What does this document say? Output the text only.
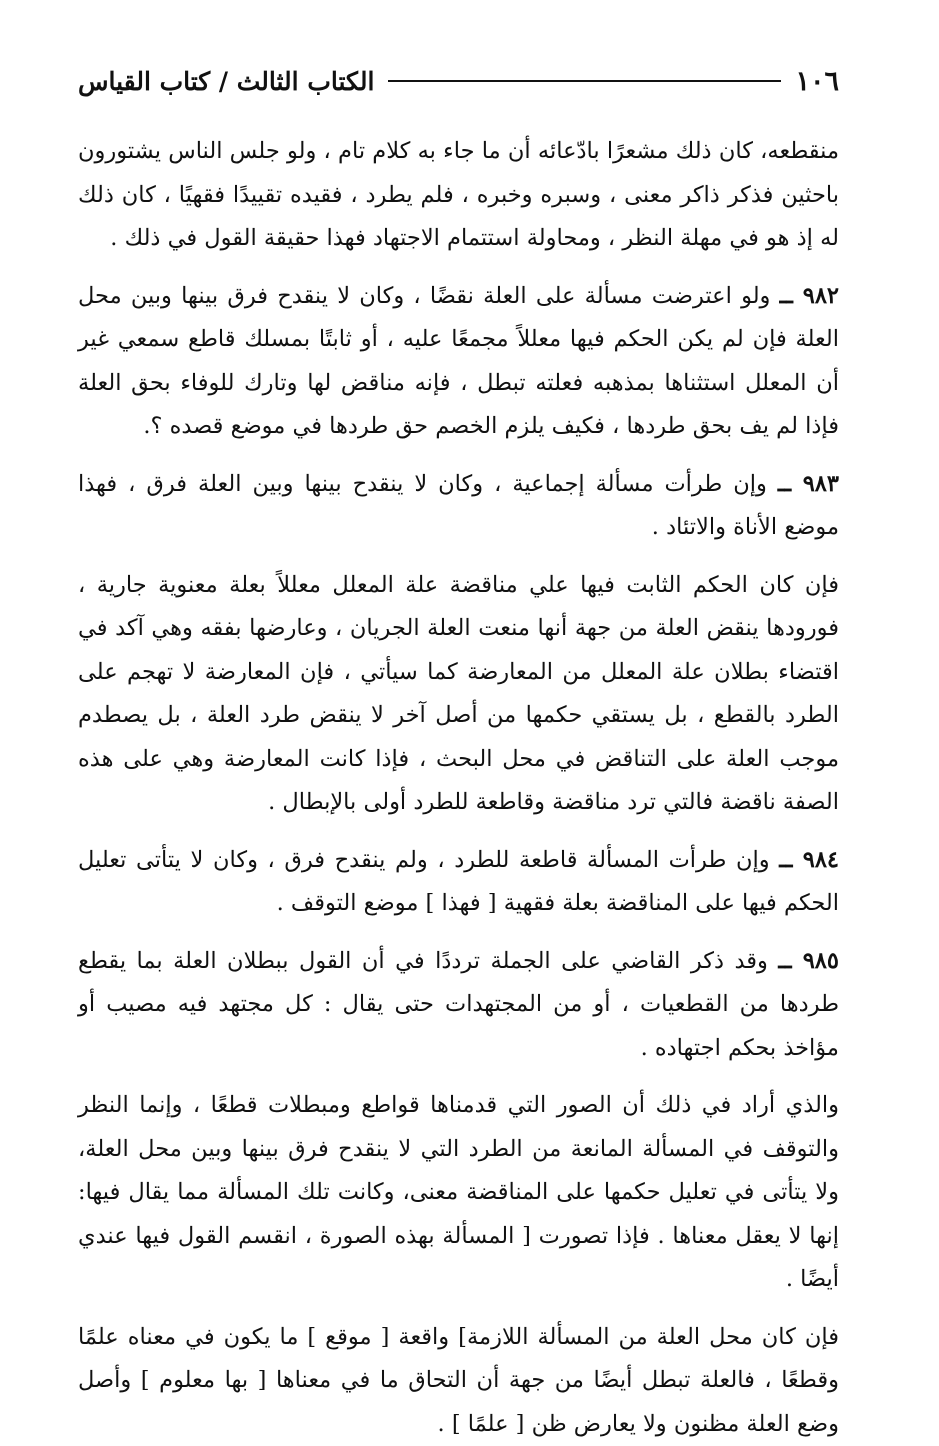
١٠٦
الكتاب الثالث / كتاب القياس

منقطعه، كان ذلك مشعرًا بادّعائه أن ما جاء به كلام تام ، ولو جلس الناس يشتورون باحثين فذكر ذاكر معنى ، وسبره وخبره ، فلم يطرد ، فقيده تقييدًا فقهيًا ، كان ذلك له إذ هو في مهلة النظر ، ومحاولة استتمام الاجتهاد فهذا حقيقة القول في ذلك .

٩٨٢ ــ ولو اعترضت مسألة على العلة نقضًا ، وكان لا ينقدح فرق بينها وبين محل العلة فإن لم يكن الحكم فيها معللاً مجمعًا عليه ، أو ثابتًا بمسلك قاطع سمعي غير أن المعلل استثناها بمذهبه فعلته تبطل ، فإنه مناقض لها وتارك للوفاء بحق العلة فإذا لم يف بحق طردها ، فكيف يلزم الخصم حق طردها في موضع قصده ؟.

٩٨٣ ــ وإن طرأت مسألة إجماعية ، وكان لا ينقدح بينها وبين العلة فرق ، فهذا موضع الأناة والاتئاد .

فإن كان الحكم الثابت فيها علي مناقضة علة المعلل معللاً بعلة معنوية جارية ، فورودها ينقض العلة من جهة أنها منعت العلة الجريان ، وعارضها بفقه وهي آكد في اقتضاء بطلان علة المعلل من المعارضة كما سيأتي ، فإن المعارضة لا تهجم على الطرد بالقطع ، بل يستقي حكمها من أصل آخر لا ينقض طرد العلة ، بل يصطدم موجب العلة على التناقض في محل البحث ، فإذا كانت المعارضة وهي على هذه الصفة ناقضة فالتي ترد مناقضة وقاطعة للطرد أولى بالإبطال .

٩٨٤ ــ وإن طرأت المسألة قاطعة للطرد ، ولم ينقدح فرق ، وكان لا يتأتى تعليل الحكم فيها على المناقضة بعلة فقهية [ فهذا ] موضع التوقف .

٩٨٥ ــ وقد ذكر القاضي على الجملة ترددًا في أن القول ببطلان العلة بما يقطع طردها من القطعيات ، أو من المجتهدات حتى يقال : كل مجتهد فيه مصيب أو مؤاخذ بحكم اجتهاده .

والذي أراد في ذلك أن الصور التي قدمناها قواطع ومبطلات قطعًا ، وإنما النظر والتوقف في المسألة المانعة من الطرد التي لا ينقدح فرق بينها وبين محل العلة، ولا يتأتى في تعليل حكمها على المناقضة معنى، وكانت تلك المسألة مما يقال فيها: إنها لا يعقل معناها . فإذا تصورت [ المسألة بهذه الصورة ، انقسم القول فيها عندي أيضًا .

فإن كان محل العلة من المسألة اللازمة] واقعة [ موقع ] ما يكون في معناه علمًا وقطعًا ، فالعلة تبطل أيضًا من جهة أن التحاق ما في معناها [ بها معلوم ] وأصل وضع العلة مظنون ولا يعارض ظن [ علمًا ] .
